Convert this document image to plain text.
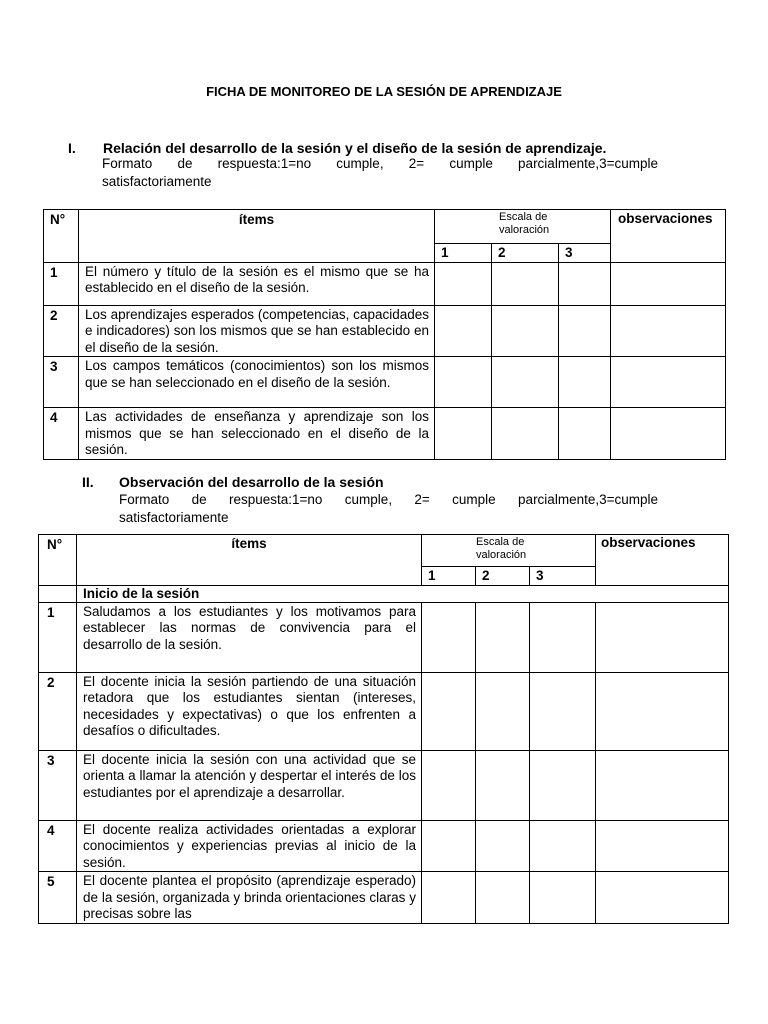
FICHA DE MONITOREO DE LA SESIÓN DE APRENDIZAJE
I. Relación del desarrollo de la sesión y el diseño de la sesión de aprendizaje.
Formato de respuesta:1=no cumple, 2= cumple parcialmente,3=cumple
satisfactoriamente
N°	ítems	Escala de valoración			observaciones
		1	2	3	
1	El número y título de la sesión es el mismo que se ha establecido en el diseño de la sesión.				
2	Los aprendizajes esperados (competencias, capacidades e indicadores) son los mismos que se han establecido en el diseño de la sesión.				
3	Los campos temáticos (conocimientos) son los mismos que se han seleccionado en el diseño de la sesión.				
4	Las actividades de enseñanza y aprendizaje son los mismos que se han seleccionado en el diseño de la sesión.				
II. Observación del desarrollo de la sesión
Formato de respuesta:1=no cumple, 2= cumple parcialmente,3=cumple
satisfactoriamente
N°	ítems	Escala de valoración			observaciones
		1	2	3	
	Inicio de la sesión				
1	Saludamos a los estudiantes y los motivamos para establecer las normas de convivencia para el desarrollo de la sesión.				
2	El docente inicia la sesión partiendo de una situación retadora que los estudiantes sientan (intereses, necesidades y expectativas) o que los enfrenten a desafíos o dificultades.				
3	El docente inicia la sesión con una actividad que se orienta a llamar la atención y despertar el interés de los estudiantes por el aprendizaje a desarrollar.				
4	El docente realiza actividades orientadas a explorar conocimientos y experiencias previas al inicio de la sesión.				
5	El docente plantea el propósito (aprendizaje esperado) de la sesión, organizada y brinda orientaciones claras y precisas sobre las				
